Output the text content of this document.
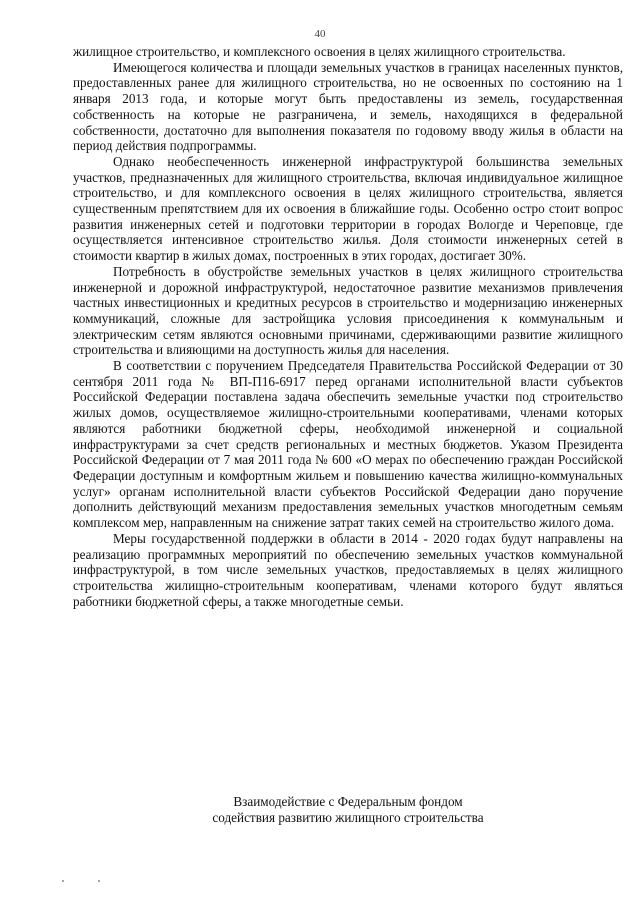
40

жилищное строительство, и комплексного освоения в целях жилищного строительства.

Имеющегося количества и площади земельных участков в границах населенных пунктов, предоставленных ранее для жилищного строительства, но не освоенных по состоянию на 1 января 2013 года, и которые могут быть предоставлены из земель, государственная собственность на которые не разграничена, и земель, находящихся в федеральной собственности, достаточно для выполнения показателя по годовому вводу жилья в области на период действия подпрограммы.

Однако необеспеченность инженерной инфраструктурой большинства земельных участков, предназначенных для жилищного строительства, включая индивидуальное жилищное строительство, и для комплексного освоения в целях жилищного строительства, является существенным препятствием для их освоения в ближайшие годы. Особенно остро стоит вопрос развития инженерных сетей и подготовки территории в городах Вологде и Череповце, где осуществляется интенсивное строительство жилья. Доля стоимости инженерных сетей в стоимости квартир в жилых домах, построенных в этих городах, достигает 30%.

Потребность в обустройстве земельных участков в целях жилищного строительства инженерной и дорожной инфраструктурой, недостаточное развитие механизмов привлечения частных инвестиционных и кредитных ресурсов в строительство и модернизацию инженерных коммуникаций, сложные для застройщика условия присоединения к коммунальным и электрическим сетям являются основными причинами, сдерживающими развитие жилищного строительства и влияющими на доступность жилья для населения.

В соответствии с поручением Председателя Правительства Российской Федерации от 30 сентября 2011 года № ВП-П16-6917 перед органами исполнительной власти субъектов Российской Федерации поставлена задача обеспечить земельные участки под строительство жилых домов, осуществляемое жилищно-строительными кооперативами, членами которых являются работники бюджетной сферы, необходимой инженерной и социальной инфраструктурами за счет средств региональных и местных бюджетов. Указом Президента Российской Федерации от 7 мая 2011 года № 600 «О мерах по обеспечению граждан Российской Федерации доступным и комфортным жильем и повышению качества жилищно-коммунальных услуг» органам исполнительной власти субъектов Российской Федерации дано поручение дополнить действующий механизм предоставления земельных участков многодетным семьям комплексом мер, направленным на снижение затрат таких семей на строительство жилого дома.

Меры государственной поддержки в области в 2014 - 2020 годах будут направлены на реализацию программных мероприятий по обеспечению земельных участков коммунальной инфраструктурой, в том числе земельных участков, предоставляемых в целях жилищного строительства жилищно-строительным кооперативам, членами которого будут являться работники бюджетной сферы, а также многодетные семьи.

Взаимодействие с Федеральным фондом
содействия развитию жилищного строительства
